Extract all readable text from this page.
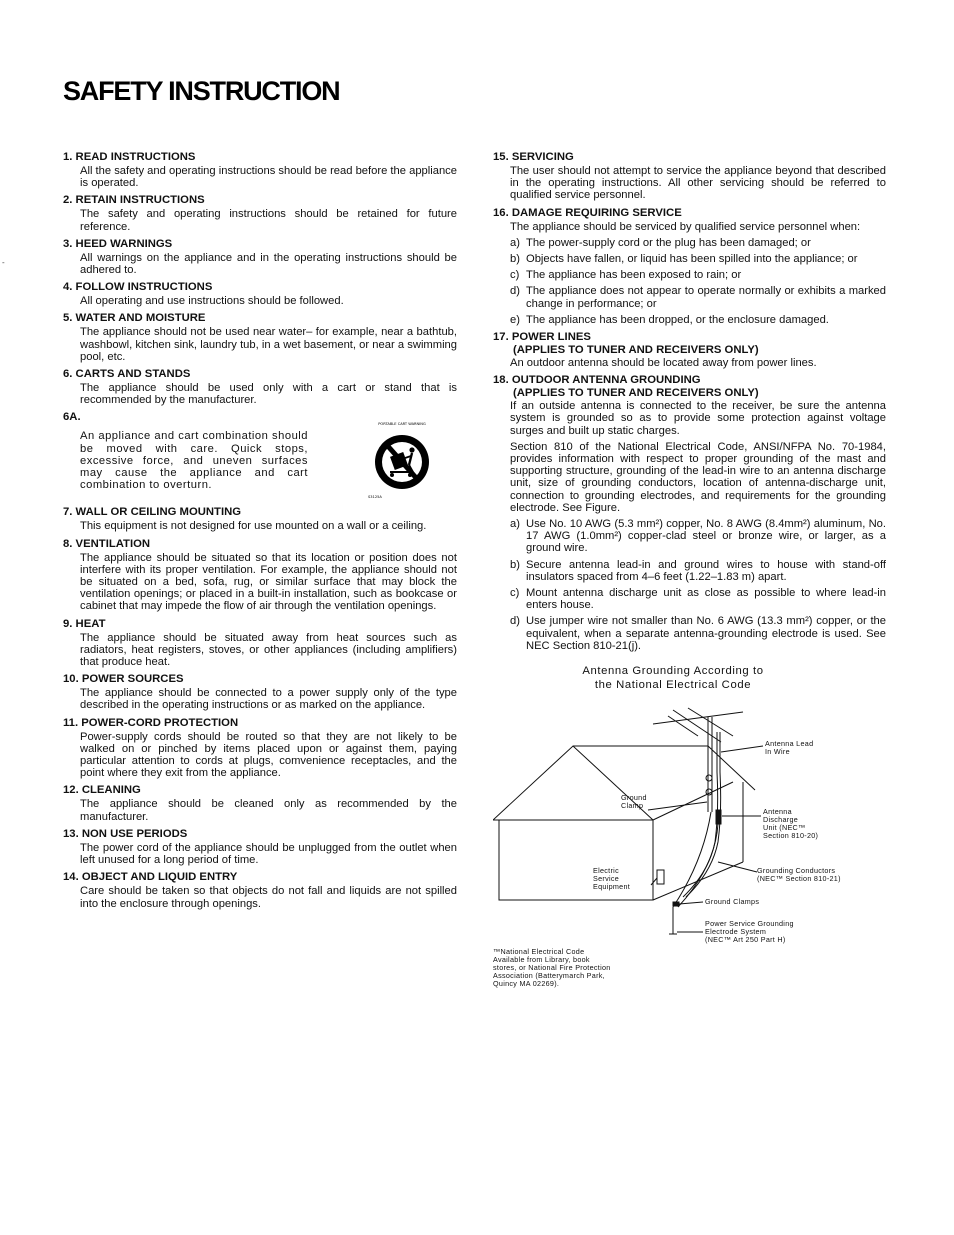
SAFETY INSTRUCTION
-
1. READ INSTRUCTIONS
All the safety and operating instructions should be read before the appliance is operated.
2. RETAIN INSTRUCTIONS
The safety and operating instructions should be retained for future reference.
3. HEED WARNINGS
All warnings on the appliance and in the operating instructions should be adhered to.
4. FOLLOW INSTRUCTIONS
All operating and use instructions should be followed.
5. WATER AND MOISTURE
The appliance should not be used near water– for example, near a bathtub, washbowl, kitchen sink, laundry tub, in a wet basement, or near a swimming pool, etc.
6. CARTS AND STANDS
The appliance should be used only with a cart or stand that is recommended by the manufacturer.
6A.
An appliance and cart combination should be moved with care. Quick stops, excessive force, and uneven surfaces may cause the appliance and cart combination to overturn.
PORTABLE CART WARNING
S3125A
7. WALL OR CEILING MOUNTING
This equipment is not designed for use mounted on a wall or a ceiling.
8. VENTILATION
The appliance should be situated so that its location or position does not interfere with its proper ventilation. For example, the appliance should not be situated on a bed, sofa, rug, or similar surface that may block the ventilation openings; or placed in a built-in installation, such as bookcase or cabinet that may impede the flow of air through the ventilation openings.
9. HEAT
The appliance should be situated away from heat sources such as radiators, heat registers, stoves, or other appliances (including amplifiers) that produce heat.
10. POWER SOURCES
The appliance should be connected to a power supply only of the type described in the operating instructions or as marked on the appliance.
11. POWER-CORD PROTECTION
Power-supply cords should be routed so that they are not likely to be walked on or pinched by items placed upon or against them, paying particular attention to cords at plugs, comvenience receptacles, and the point where they exit from the appliance.
12. CLEANING
The appliance should be cleaned only as recommended by the manufacturer.
13. NON USE PERIODS
The power cord of the appliance should be unplugged from the outlet when left unused for a long period of time.
14. OBJECT AND LIQUID ENTRY
Care should be taken so that objects do not fall and liquids are not spilled into the enclosure through openings.
15. SERVICING
The user should not attempt to service the appliance beyond that described in the operating instructions. All other servicing should be referred to qualified service personnel.
16. DAMAGE REQUIRING SERVICE
The appliance should be serviced by qualified service personnel when:
a) The power-supply cord or the plug has been damaged; or
b) Objects have fallen, or liquid has been spilled into the appliance; or
c) The appliance has been exposed to rain; or
d) The appliance does not appear to operate normally or exhibits a marked change in performance; or
e) The appliance has been dropped, or the enclosure damaged.
17. POWER LINES
(APPLIES TO TUNER AND RECEIVERS ONLY)
An outdoor antenna should be located away from power lines.
18. OUTDOOR ANTENNA GROUNDING
(APPLIES TO TUNER AND RECEIVERS ONLY)

If an outside antenna is connected to the receiver, be sure the antenna system is grounded so as to provide some protection against voltage surges and built up static charges.

Section 810 of the National Electrical Code, ANSI/NFPA No. 70-1984, provides information with respect to proper grounding of the mast and supporting structure, grounding of the lead-in wire to an antenna discharge unit, size of grounding conductors, location of antenna-discharge unit, connection to grounding electrodes, and requirements for the grounding electrode. See Figure.

a) Use No. 10 AWG (5.3 mm²) copper, No. 8 AWG (8.4mm²) aluminum, No. 17 AWG (1.0mm²) copper-clad steel or bronze wire, or larger, as a ground wire.
b) Secure antenna lead-in and ground wires to house with stand-off insulators spaced from 4–6 feet (1.22–1.83 m) apart.
c) Mount antenna discharge unit as close as possible to where lead-in enters house.
d) Use jumper wire not smaller than No. 6 AWG (13.3 mm²) copper, or the equivalent, when a separate antenna-grounding electrode is used. See NEC Section 810-21(j).
Antenna Grounding According to
the National Electrical Code
Antenna Lead
In Wire
Ground
Clamp
Antenna
Discharge
Unit (NEC™
Section 810-20)
Electric
Service
Equipment
Grounding Conductors
(NEC™ Section 810-21)
Ground Clamps
Power Service Grounding
Electrode System
(NEC™ Art 250 Part H)
™National Electrical Code
Available from Library, book
stores, or National Fire Protection
Association (Batterymarch Park,
Quincy MA 02269).
